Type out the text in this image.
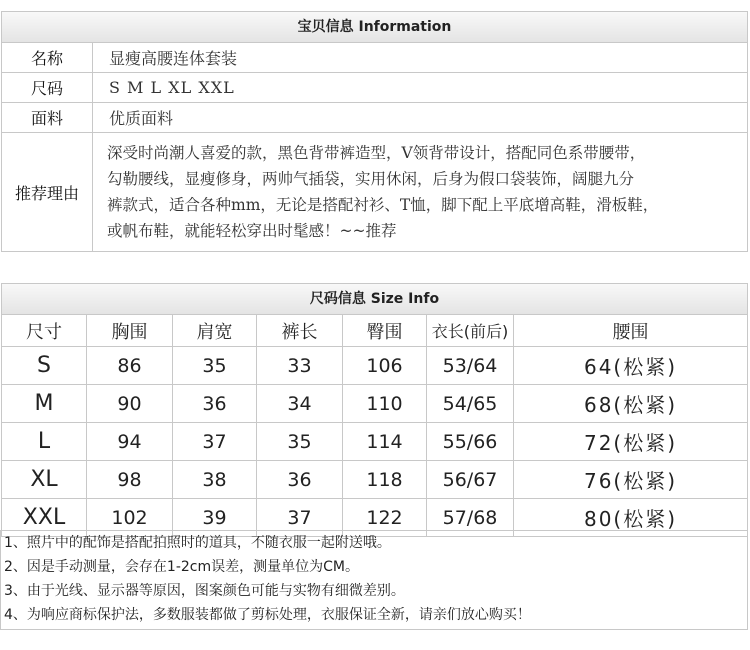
宝贝信息 Information
名称	显瘦高腰连体套装
尺码	S M L XL XXL
面料	优质面料
推荐理由	深受时尚潮人喜爱的款，黑色背带裤造型，V领背带设计，搭配同色系带腰带，
勾勒腰线，显瘦修身，两帅气插袋，实用休闲，后身为假口袋装饰，阔腿九分
裤款式，适合各种mm，无论是搭配衬衫、T恤，脚下配上平底增高鞋，滑板鞋，
或帆布鞋，就能轻松穿出时髦感！~~推荐
尺码信息 Size Info
尺寸	胸围	肩宽	裤长	臀围	衣长(前后)	腰围
S	86	35	33	106	53/64	64(松紧)
M	90	36	34	110	54/65	68(松紧)
L	94	37	35	114	55/66	72(松紧)
XL	98	38	36	118	56/67	76(松紧)
XXL	102	39	37	122	57/68	80(松紧)
1、照片中的配饰是搭配拍照时的道具，不随衣服一起附送哦。
2、因是手动测量，会存在1-2cm误差，测量单位为CM。
3、由于光线、显示器等原因，图案颜色可能与实物有细微差别。
4、为响应商标保护法，多数服装都做了剪标处理，衣服保证全新，请亲们放心购买！
